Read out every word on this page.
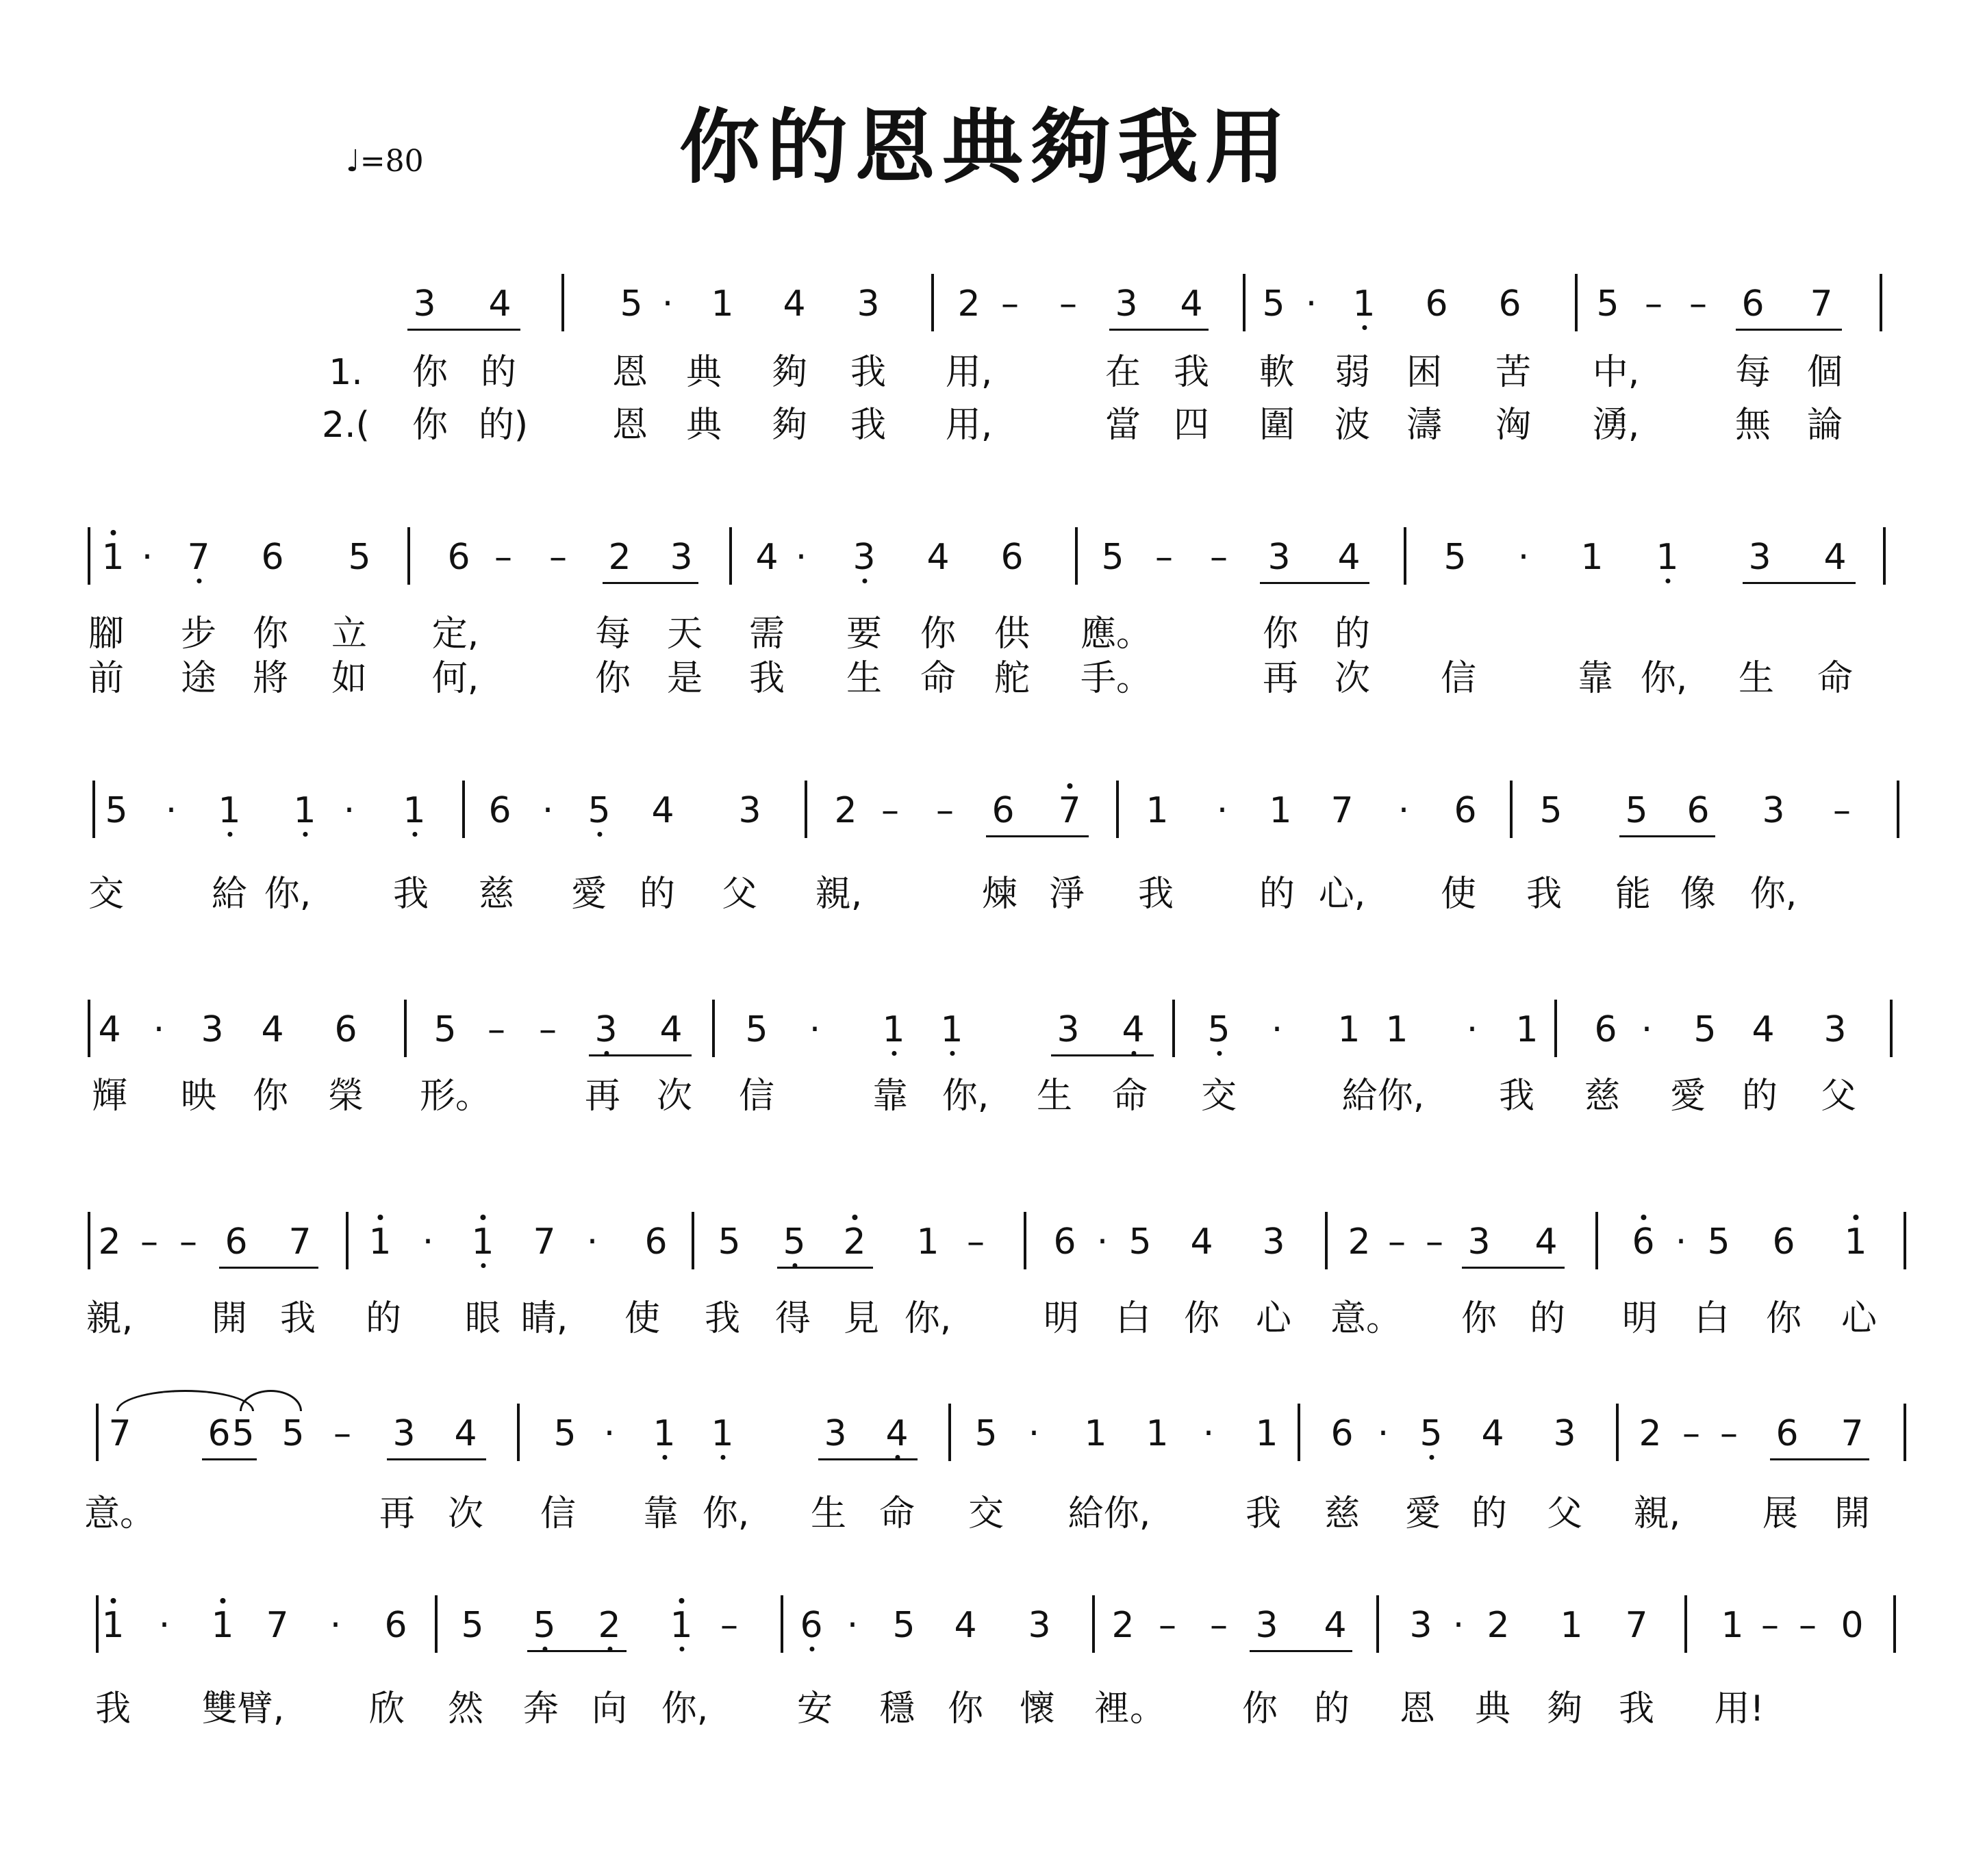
你的恩典夠我用
♩=80
3 4	5 · 1 4 3 2 – – 3 4 5 · 1 6 6 5 – – 6 7
1. 你 的	恩 典 夠 我 用,	在 我 軟 弱 困 苦 中,	每 個
2.( 你 的) 恩 典 夠 我 用,	當 四 圍 波 濤 洶 湧,	無 論
1 · 7 6 5 6 – – 2 3 4 · 3 4 6 5 – – 3 4 5 · 1 1 3 4
腳 步 你 立 定,	每 天 需 要 你 供 應。	你 的
前 途 將 如 何,	你 是 我 生 命 舵 手。	再 次 信	靠 你, 生 命
5 · 1 1 · 1 6 · 5 4 3 2 – – 6 7 1 · 1 7 · 6 5 5 6 3 –
交 給 你, 我 慈 愛 的 父 親,	煉 淨 我 的 心, 使 我 能 像 你,
4 · 3 4 6 5 – – 3 4 5 · 1 1	3 4 5 · 1 1 · 1 6 · 5 4 3
輝 映 你 榮 形。	再 次 信	靠 你, 生 命 交	給你, 我 慈 愛 的 父
2 – – 6 7 1 · 1 7 · 6 5 5 2 1 – 6 · 5 4 3 2 – – 3 4 6 · 5 6 1
親, 開 我 的 眼 睛, 使 我 得 見 你,	明 白 你 心 意。 你 的 明 白 你 心
7 6 5 5 – 3 4 5 · 1 1	3 4 5 · 1 1 · 1 6 · 5 4 3 2 – – 6 7
意。	再 次 信 靠 你, 生 命 交 給你,	我 慈 愛 的 父 親, 展 開
1 · 1 7 · 6 5 5 2 1 – 6 · 5 4 3 2 – – 3 4 3 · 2 1 7 1 – – 0
我 雙臂, 欣 然 奔 向 你, 安 穩 你 懷 裡。 你 的 恩 典 夠 我 用!
